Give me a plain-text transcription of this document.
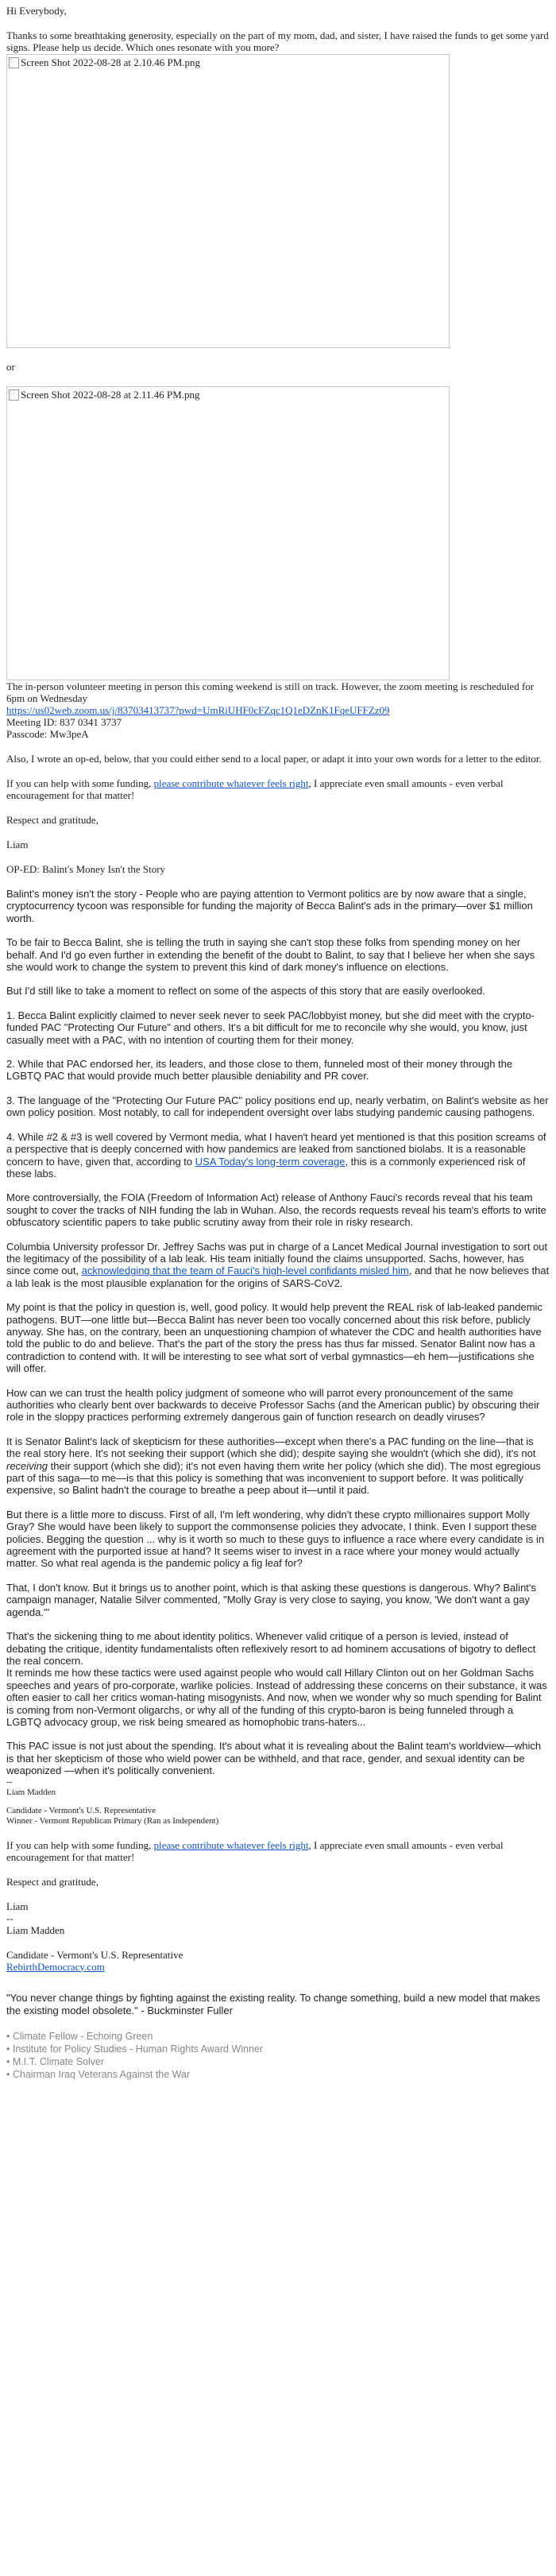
Hi Everybody,

Thanks to some breathtaking generosity, especially on the part of my mom, dad, and sister, I have raised the funds to get some yard signs. Please help us decide. Which ones resonate with you more?

Screen Shot 2022-08-28 at 2.10.46 PM.png

or

Screen Shot 2022-08-28 at 2.11.46 PM.png

The in-person volunteer meeting in person this coming weekend is still on track. However, the zoom meeting is rescheduled for 6pm on Wednesday

https://us02web.zoom.us/j/83703413737?pwd=UmRiUHF0cFZqc1Q1eDZnK1FqeUFFZz09

Meeting ID: 837 0341 3737

Passcode: Mw3peA

Also, I wrote an op-ed, below, that you could either send to a local paper, or adapt it into your own words for a letter to the editor.

If you can help with some funding, please contribute whatever feels right, I appreciate even small amounts - even verbal encouragement for that matter!

Respect and gratitude,

Liam

OP-ED: Balint's Money Isn't the Story

Balint's money isn't the story - People who are paying attention to Vermont politics are by now aware that a single, cryptocurrency tycoon was responsible for funding the majority of Becca Balint's ads in the primary—over $1 million worth.

To be fair to Becca Balint, she is telling the truth in saying she can't stop these folks from spending money on her behalf. And I'd go even further in extending the benefit of the doubt to Balint, to say that I believe her when she says she would work to change the system to prevent this kind of dark money's influence on elections.

But I'd still like to take a moment to reflect on some of the aspects of this story that are easily overlooked.

1. Becca Balint explicitly claimed to never seek never to seek PAC/lobbyist money, but she did meet with the crypto-funded PAC "Protecting Our Future" and others. It's a bit difficult for me to reconcile why she would, you know, just casually meet with a PAC, with no intention of courting them for their money.

2. While that PAC endorsed her, its leaders, and those close to them, funneled most of their money through the LGBTQ PAC that would provide much better plausible deniability and PR cover.

3. The language of the "Protecting Our Future PAC" policy positions end up, nearly verbatim, on Balint's website as her own policy position. Most notably, to call for independent oversight over labs studying pandemic causing pathogens.

4. While #2 & #3 is well covered by Vermont media, what I haven't heard yet mentioned is that this position screams of a perspective that is deeply concerned with how pandemics are leaked from sanctioned biolabs. It is a reasonable concern to have, given that, according to USA Today's long-term coverage, this is a commonly experienced risk of these labs.

More controversially, the FOIA (Freedom of Information Act) release of Anthony Fauci's records reveal that his team sought to cover the tracks of NIH funding the lab in Wuhan. Also, the records requests reveal his team's efforts to write obfuscatory scientific papers to take public scrutiny away from their role in risky research.

Columbia University professor Dr. Jeffrey Sachs was put in charge of a Lancet Medical Journal investigation to sort out the legitimacy of the possibility of a lab leak. His team initially found the claims unsupported. Sachs, however, has since come out, acknowledging that the team of Fauci's high-level confidants misled him, and that he now believes that a lab leak is the most plausible explanation for the origins of SARS-CoV2.

My point is that the policy in question is, well, good policy. It would help prevent the REAL risk of lab-leaked pandemic pathogens. BUT—one little but—Becca Balint has never been too vocally concerned about this risk before, publicly anyway. She has, on the contrary, been an unquestioning champion of whatever the CDC and health authorities have told the public to do and believe. That's the part of the story the press has thus far missed. Senator Balint now has a contradiction to contend with. It will be interesting to see what sort of verbal gymnastics—eh hem—justifications she will offer.

How can we can trust the health policy judgment of someone who will parrot every pronouncement of the same authorities who clearly bent over backwards to deceive Professor Sachs (and the American public) by obscuring their role in the sloppy practices performing extremely dangerous gain of function research on deadly viruses?

It is Senator Balint's lack of skepticism for these authorities—except when there's a PAC funding on the line—that is the real story here. It's not seeking their support (which she did); despite saying she wouldn't (which she did), it's not receiving their support (which she did); it's not even having them write her policy (which she did). The most egregious part of this saga—to me—is that this policy is something that was inconvenient to support before. It was politically expensive, so Balint hadn't the courage to breathe a peep about it—until it paid.

But there is a little more to discuss. First of all, I'm left wondering, why didn't these crypto millionaires support Molly Gray? She would have been likely to support the commonsense policies they advocate, I think. Even I support these policies. Begging the question ... why is it worth so much to these guys to influence a race where every candidate is in agreement with the purported issue at hand? It seems wiser to invest in a race where your money would actually matter. So what real agenda is the pandemic policy a fig leaf for?

That, I don't know. But it brings us to another point, which is that asking these questions is dangerous. Why? Balint's campaign manager, Natalie Silver commented, "Molly Gray is very close to saying, you know, 'We don't want a gay agenda.'"

That's the sickening thing to me about identity politics. Whenever valid critique of a person is levied, instead of debating the critique, identity fundamentalists often reflexively resort to ad hominem accusations of bigotry to deflect the real concern.

It reminds me how these tactics were used against people who would call Hillary Clinton out on her Goldman Sachs speeches and years of pro-corporate, warlike policies. Instead of addressing these concerns on their substance, it was often easier to call her critics woman-hating misogynists. And now, when we wonder why so much spending for Balint is coming from non-Vermont oligarchs, or why all of the funding of this crypto-baron is being funneled through a LGBTQ advocacy group, we risk being smeared as homophobic trans-haters...

This PAC issue is not just about the spending. It's about what it is revealing about the Balint team's worldview—which is that her skepticism of those who wield power can be withheld, and that race, gender, and sexual identity can be weaponized —when it's politically convenient.

--

Liam Madden

Candidate - Vermont's U.S. Representative

Winner - Vermont Republican Primary (Ran as Independent)

If you can help with some funding, please contribute whatever feels right, I appreciate even small amounts - even verbal encouragement for that matter!

Respect and gratitude,

Liam

--

Liam Madden

Candidate - Vermont's U.S. Representative

RebirthDemocracy.com

"You never change things by fighting against the existing reality. To change something, build a new model that makes the existing model obsolete." - Buckminster Fuller

• Climate Fellow - Echoing Green
• Institute for Policy Studies - Human Rights Award Winner
• M.I.T. Climate Solver
• Chairman Iraq Veterans Against the War
